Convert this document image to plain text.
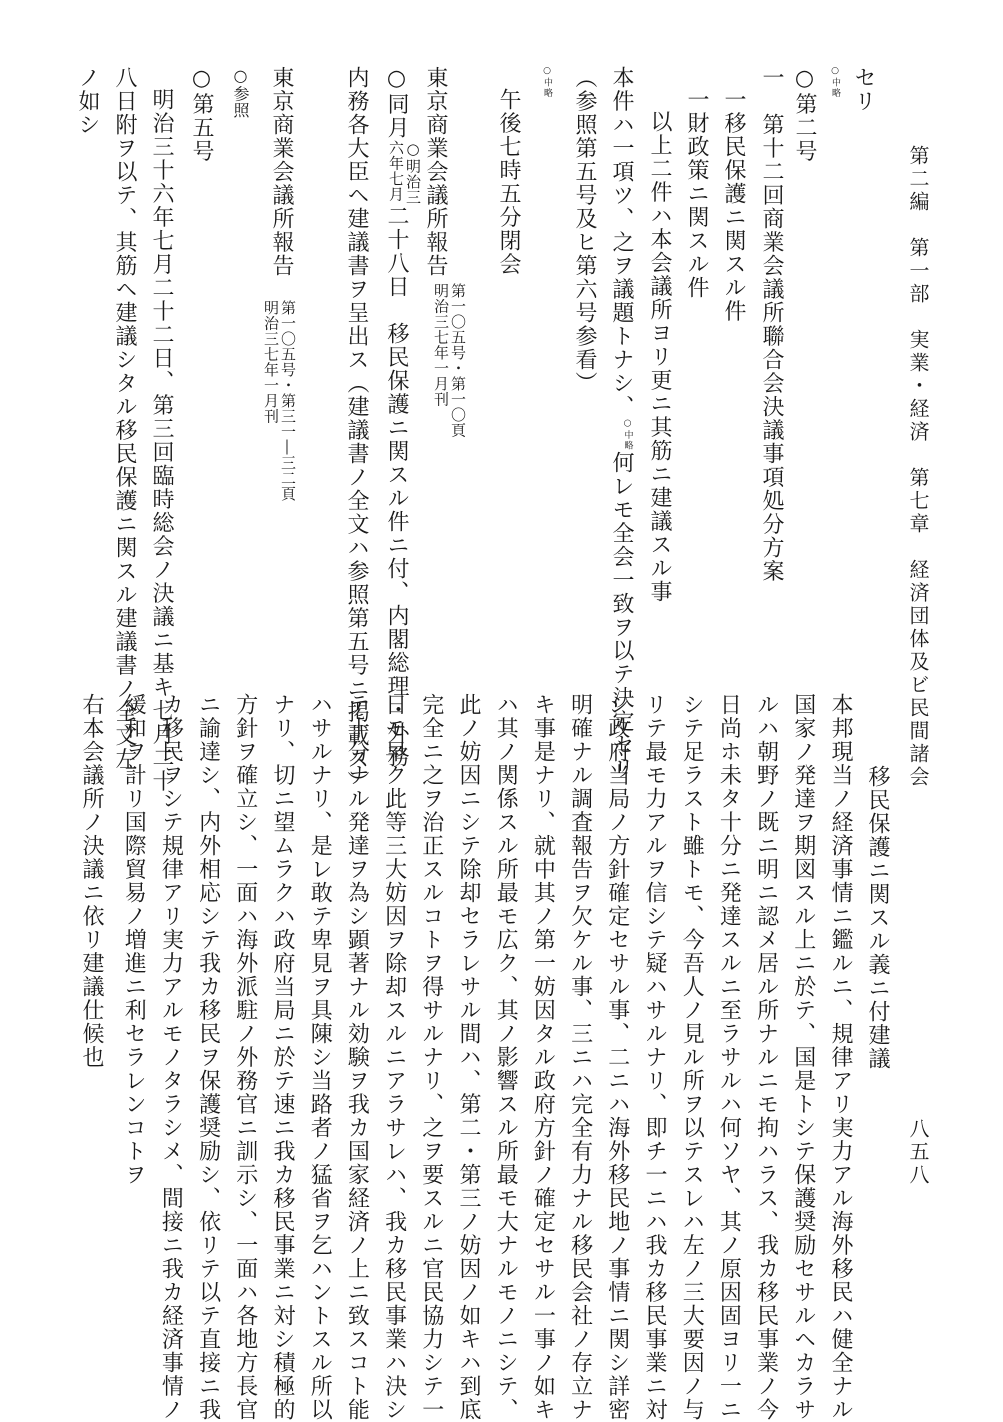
第二編　第一部　実業・経済　第七章　経済団体及ビ民間諸会
八五八
セリ
○中略
○第二号
一　第十二回商業会議所聯合会決議事項処分方案
一移民保護ニ関スル件
一財政策ニ関スル件
以上二件ハ本会議所ヨリ更ニ其筋ニ建議スル事
本件ハ一項ツ、之ヲ議題トナシ、○中略何レモ全会一致ヲ以テ決定セリ
（参照第五号及ヒ第六号参看）
○中略
午後七時五分閉会
東京商業会議所報告
第一〇五号・第一〇頁
明治三七年一月刊
○同月○明治三
六年七月二十八日　移民保護ニ関スル件ニ付、内閣総理・外務
内務各大臣ヘ建議書ヲ呈出ス（建議書ノ全文ハ参照第五号ニ掲載ス）
東京商業会議所報告
第一〇五号・第三一―三二頁
明治三七年一月刊
○参照
○第五号
明治三十六年七月二十二日、第三回臨時総会ノ決議ニ基キ七月二十
八日附ヲ以テ、其筋ヘ建議シタル移民保護ニ関スル建議書ノ全文左
ノ如シ
移民保護ニ関スル義ニ付建議
本邦現当ノ経済事情ニ鑑ルニ、規律アリ実力アル海外移民ハ健全ナル
国家ノ発達ヲ期図スル上ニ於テ、国是トシテ保護奨励セサルヘカラサ
ルハ朝野ノ既ニ明ニ認メ居ル所ナルニモ拘ハラス、我カ移民事業ノ今
日尚ホ未タ十分ニ発達スルニ至ラサルハ何ソヤ、其ノ原因固ヨリ一ニ
シテ足ラスト雖トモ、今吾人ノ見ル所ヲ以テスレハ左ノ三大要因ノ与
リテ最モ力アルヲ信シテ疑ハサルナリ、即チ一ニハ我カ移民事業ニ対
シ政府当局ノ方針確定セサル事、二ニハ海外移民地ノ事情ニ関シ詳密
明確ナル調査報告ヲ欠ケル事、三ニハ完全有力ナル移民会社ノ存立ナ
キ事是ナリ、就中其ノ第一妨因タル政府方針ノ確定セサル一事ノ如キ
ハ其ノ関係スル所最モ広ク、其ノ影響スル所最モ大ナルモノニシテ、
此ノ妨因ニシテ除却セラレサル間ハ、第二・第三ノ妨因ノ如キハ到底
完全ニ之ヲ治正スルコトヲ得サルナリ、之ヲ要スルニ官民協力シテ一
日モ早ク此等三大妨因ヲ除却スルニアラサレハ、我カ移民事業ハ決シ
テ十分ナル発達ヲ為シ顕著ナル効験ヲ我カ国家経済ノ上ニ致スコト能
ハサルナリ、是レ敢テ卑見ヲ具陳シ当路者ノ猛省ヲ乞ハントスル所以
ナリ、切ニ望ムラクハ政府当局ニ於テ速ニ我カ移民事業ニ対シ積極的
方針ヲ確立シ、一面ハ海外派駐ノ外務官ニ訓示シ、一面ハ各地方長官
ニ諭達シ、内外相応シテ我カ移民ヲ保護奨励シ、依リテ以テ直接ニ我
カ移民ヲシテ規律アリ実力アルモノタラシメ、間接ニ我カ経済事情ノ
緩和ヲ計リ国際貿易ノ増進ニ利セラレンコトヲ
右本会議所ノ決議ニ依リ建議仕候也
